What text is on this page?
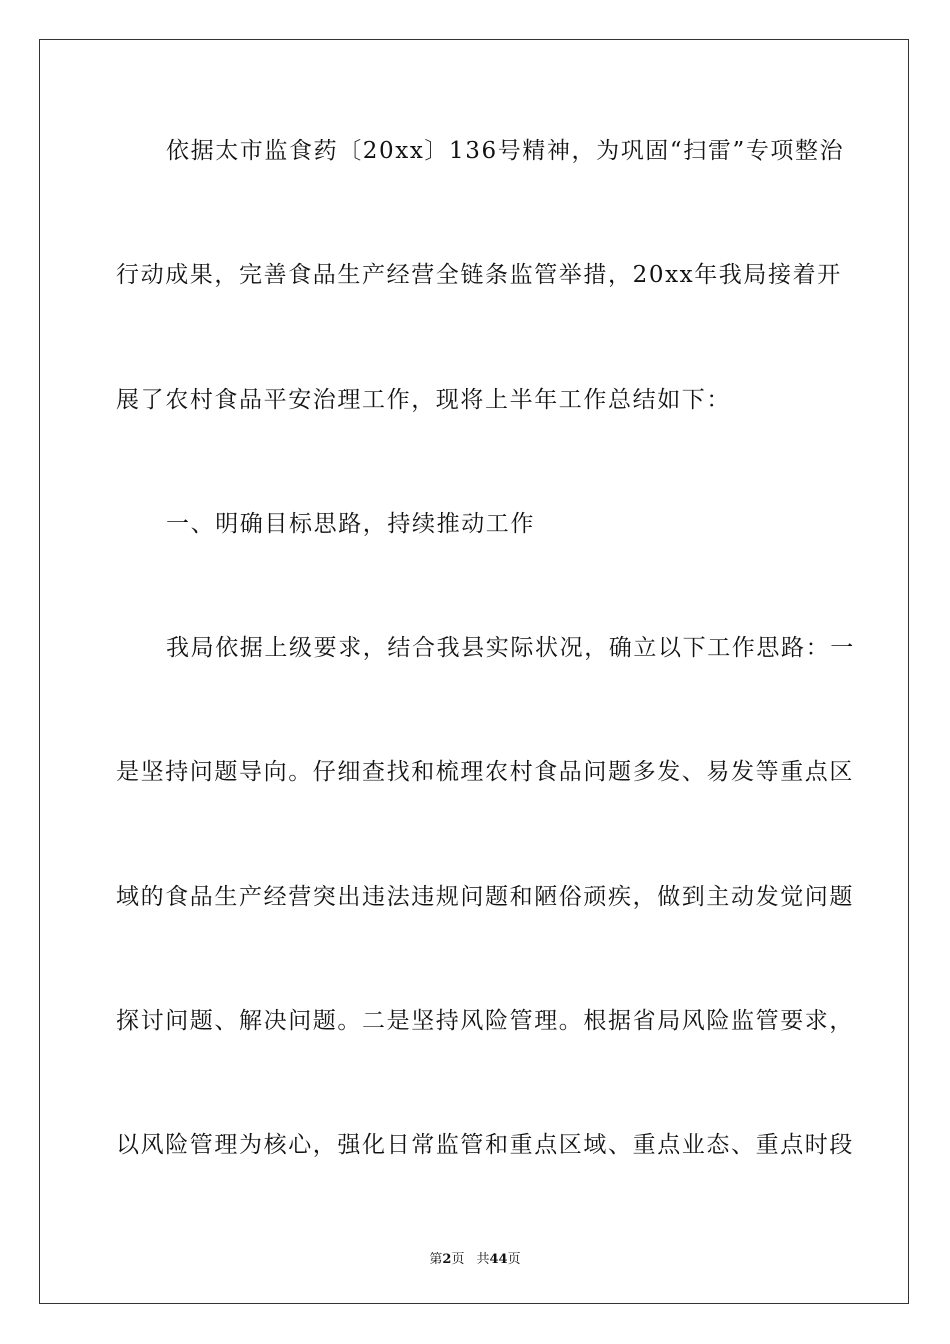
依据太市监食药〔20xx〕136号精神，为巩固“扫雷”专项整治
行动成果，完善食品生产经营全链条监管举措，20xx年我局接着开
展了农村食品平安治理工作，现将上半年工作总结如下：
一、明确目标思路，持续推动工作
我局依据上级要求，结合我县实际状况，确立以下工作思路：一
是坚持问题导向。仔细查找和梳理农村食品问题多发、易发等重点区
域的食品生产经营突出违法违规问题和陋俗顽疾，做到主动发觉问题
探讨问题、解决问题。二是坚持风险管理。根据省局风险监管要求，
以风险管理为核心，强化日常监管和重点区域、重点业态、重点时段
第2页 共44页
